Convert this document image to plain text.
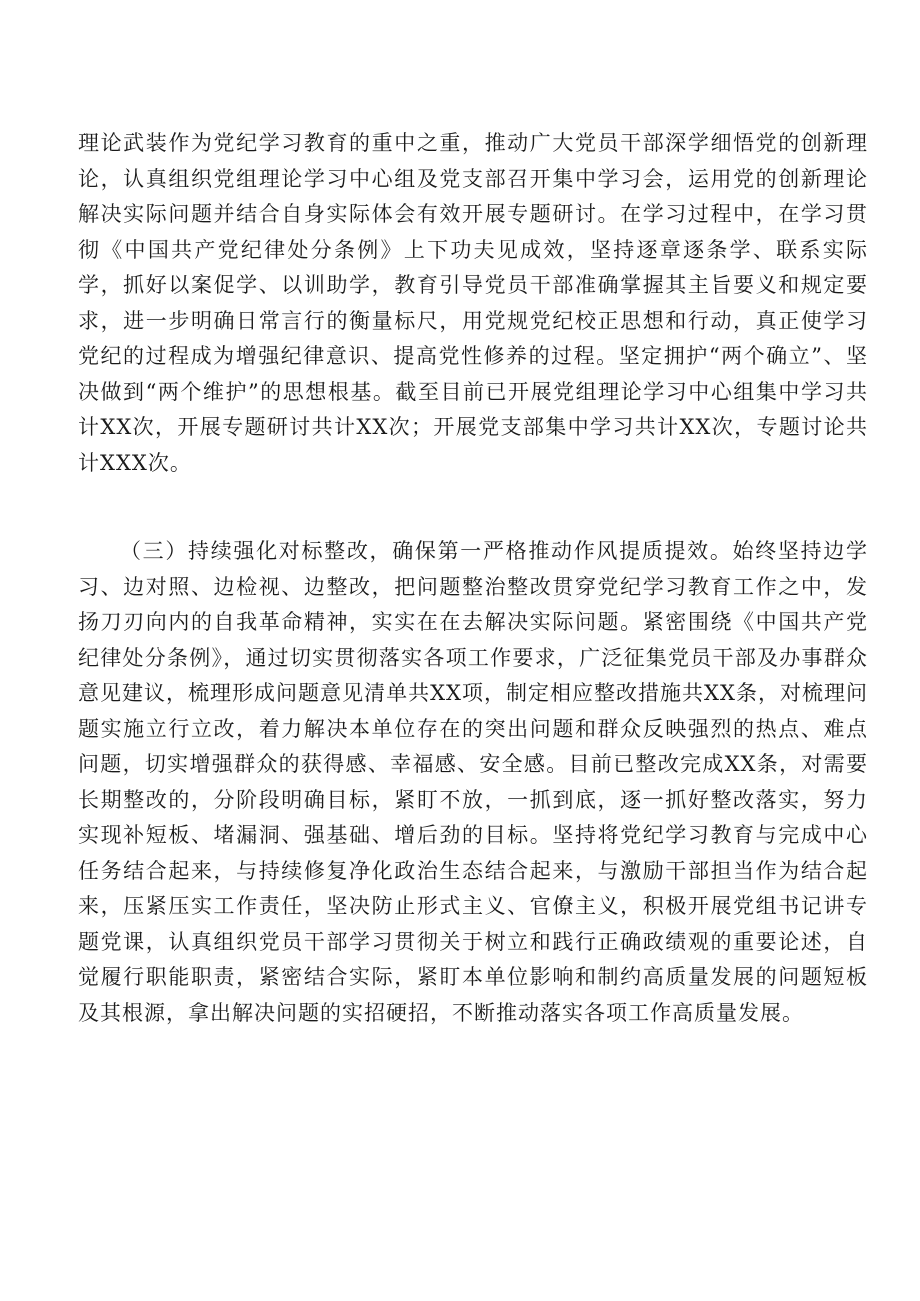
理论武装作为党纪学习教育的重中之重，推动广大党员干部深学细悟党的创新理论，认真组织党组理论学习中心组及党支部召开集中学习会，运用党的创新理论解决实际问题并结合自身实际体会有效开展专题研讨。在学习过程中，在学习贯彻《中国共产党纪律处分条例》上下功夫见成效，坚持逐章逐条学、联系实际学，抓好以案促学、以训助学，教育引导党员干部准确掌握其主旨要义和规定要求，进一步明确日常言行的衡量标尺，用党规党纪校正思想和行动，真正使学习党纪的过程成为增强纪律意识、提高党性修养的过程。坚定拥护“两个确立”、坚决做到“两个维护”的思想根基。截至目前已开展党组理论学习中心组集中学习共计XX次，开展专题研讨共计XX次；开展党支部集中学习共计XX次，专题讨论共计XXX次。

（三）持续强化对标整改，确保第一严格推动作风提质提效。始终坚持边学习、边对照、边检视、边整改，把问题整治整改贯穿党纪学习教育工作之中，发扬刀刃向内的自我革命精神，实实在在去解决实际问题。紧密围绕《中国共产党纪律处分条例》，通过切实贯彻落实各项工作要求，广泛征集党员干部及办事群众意见建议，梳理形成问题意见清单共XX项，制定相应整改措施共XX条，对梳理问题实施立行立改，着力解决本单位存在的突出问题和群众反映强烈的热点、难点问题，切实增强群众的获得感、幸福感、安全感。目前已整改完成XX条，对需要长期整改的，分阶段明确目标，紧盯不放，一抓到底，逐一抓好整改落实，努力实现补短板、堵漏洞、强基础、增后劲的目标。坚持将党纪学习教育与完成中心任务结合起来，与持续修复净化政治生态结合起来，与激励干部担当作为结合起来，压紧压实工作责任，坚决防止形式主义、官僚主义，积极开展党组书记讲专题党课，认真组织党员干部学习贯彻关于树立和践行正确政绩观的重要论述，自觉履行职能职责，紧密结合实际，紧盯本单位影响和制约高质量发展的问题短板及其根源，拿出解决问题的实招硬招，不断推动落实各项工作高质量发展。
